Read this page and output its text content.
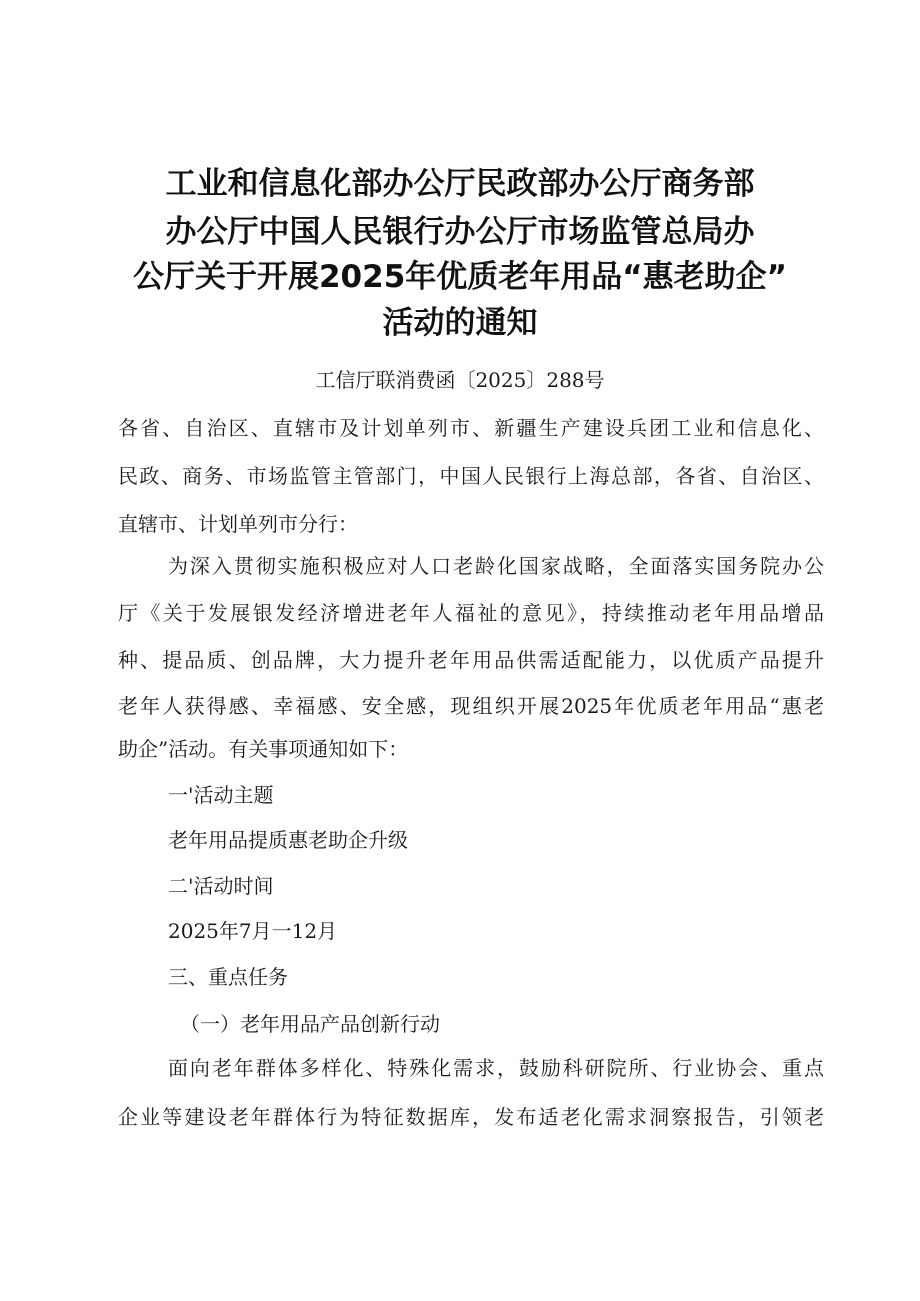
工业和信息化部办公厅民政部办公厅商务部
办公厅中国人民银行办公厅市场监管总局办
公厅关于开展2025年优质老年用品“惠老助企”
活动的通知
工信厅联消费函〔2025〕288号
各省、自治区、直辖市及计划单列市、新疆生产建设兵团工业和信息化、
民政、商务、市场监管主管部门，中国人民银行上海总部，各省、自治区、
直辖市、计划单列市分行：
为深入贯彻实施积极应对人口老龄化国家战略，全面落实国务院办公
厅《关于发展银发经济增进老年人福祉的意见》，持续推动老年用品增品
种、提品质、创品牌，大力提升老年用品供需适配能力，以优质产品提升
老年人获得感、幸福感、安全感，现组织开展2025年优质老年用品“惠老
助企”活动。有关事项通知如下：
一'活动主题
老年用品提质惠老助企升级
二'活动时间
2025年7月一12月
三、重点任务
（一）老年用品产品创新行动
面向老年群体多样化、特殊化需求，鼓励科研院所、行业协会、重点
企业等建设老年群体行为特征数据库，发布适老化需求洞察报告，引领老
